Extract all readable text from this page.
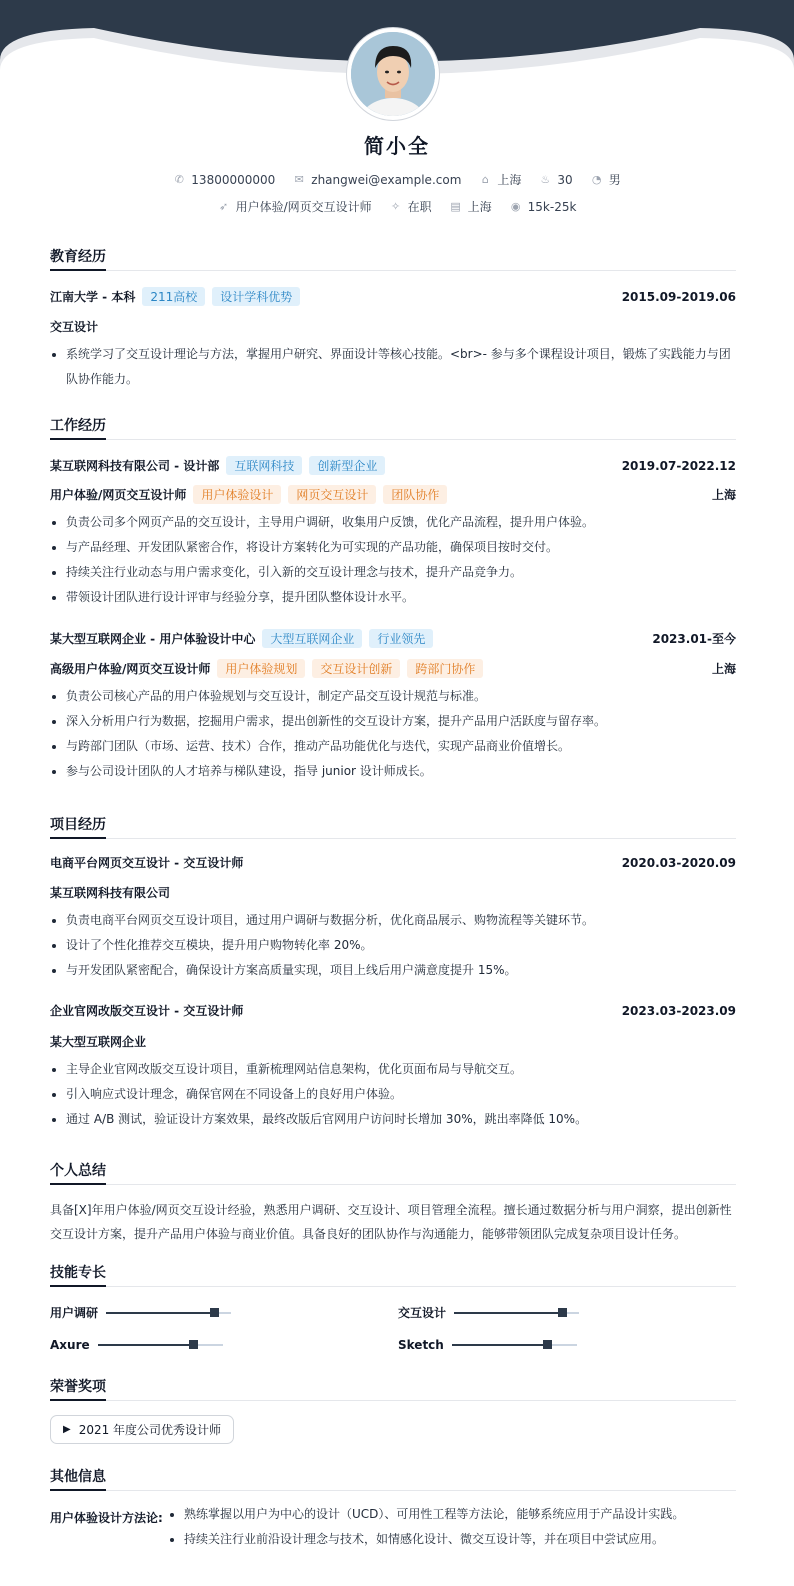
简小全
✆ 13800000000 ✉ zhangwei@example.com ⌂ 上海 ♨ 30 ◔ 男
➶ 用户体验/网页交互设计师 ✧ 在职 ▤ 上海 ◉ 15k-25k
教育经历
江南大学 - 本科	211高校	设计学科优势	2015.09-2019.06
交互设计
系统学习了交互设计理论与方法，掌握用户研究、界面设计等核心技能。<br>- 参与多个课程设计项目，锻炼了实践能力与团队协作能力。
工作经历
某互联网科技有限公司 - 设计部	互联网科技	创新型企业	2019.07-2022.12
用户体验/网页交互设计师	用户体验设计	网页交互设计	团队协作	上海
负责公司多个网页产品的交互设计，主导用户调研，收集用户反馈，优化产品流程，提升用户体验。
与产品经理、开发团队紧密合作，将设计方案转化为可实现的产品功能，确保项目按时交付。
持续关注行业动态与用户需求变化，引入新的交互设计理念与技术，提升产品竞争力。
带领设计团队进行设计评审与经验分享，提升团队整体设计水平。
某大型互联网企业 - 用户体验设计中心	大型互联网企业	行业领先	2023.01-至今
高级用户体验/网页交互设计师	用户体验规划	交互设计创新	跨部门协作	上海
负责公司核心产品的用户体验规划与交互设计，制定产品交互设计规范与标准。
深入分析用户行为数据，挖掘用户需求，提出创新性的交互设计方案，提升产品用户活跃度与留存率。
与跨部门团队（市场、运营、技术）合作，推动产品功能优化与迭代，实现产品商业价值增长。
参与公司设计团队的人才培养与梯队建设，指导 junior 设计师成长。
项目经历
电商平台网页交互设计 - 交互设计师	2020.03-2020.09
某互联网科技有限公司
负责电商平台网页交互设计项目，通过用户调研与数据分析，优化商品展示、购物流程等关键环节。
设计了个性化推荐交互模块，提升用户购物转化率 20%。
与开发团队紧密配合，确保设计方案高质量实现，项目上线后用户满意度提升 15%。
企业官网改版交互设计 - 交互设计师	2023.03-2023.09
某大型互联网企业
主导企业官网改版交互设计项目，重新梳理网站信息架构，优化页面布局与导航交互。
引入响应式设计理念，确保官网在不同设备上的良好用户体验。
通过 A/B 测试，验证设计方案效果，最终改版后官网用户访问时长增加 30%，跳出率降低 10%。
个人总结
具备[X]年用户体验/网页交互设计经验，熟悉用户调研、交互设计、项目管理全流程。擅长通过数据分析与用户洞察，提出创新性交互设计方案，提升产品用户体验与商业价值。具备良好的团队协作与沟通能力，能够带领团队完成复杂项目设计任务。
技能专长
用户调研	交互设计
Axure	Sketch
荣誉奖项
▶ 2021 年度公司优秀设计师
其他信息
用户体验设计方法论:	熟练掌握以用户为中心的设计（UCD）、可用性工程等方法论，能够系统应用于产品设计实践。
持续关注行业前沿设计理念与技术，如情感化设计、微交互设计等，并在项目中尝试应用。
